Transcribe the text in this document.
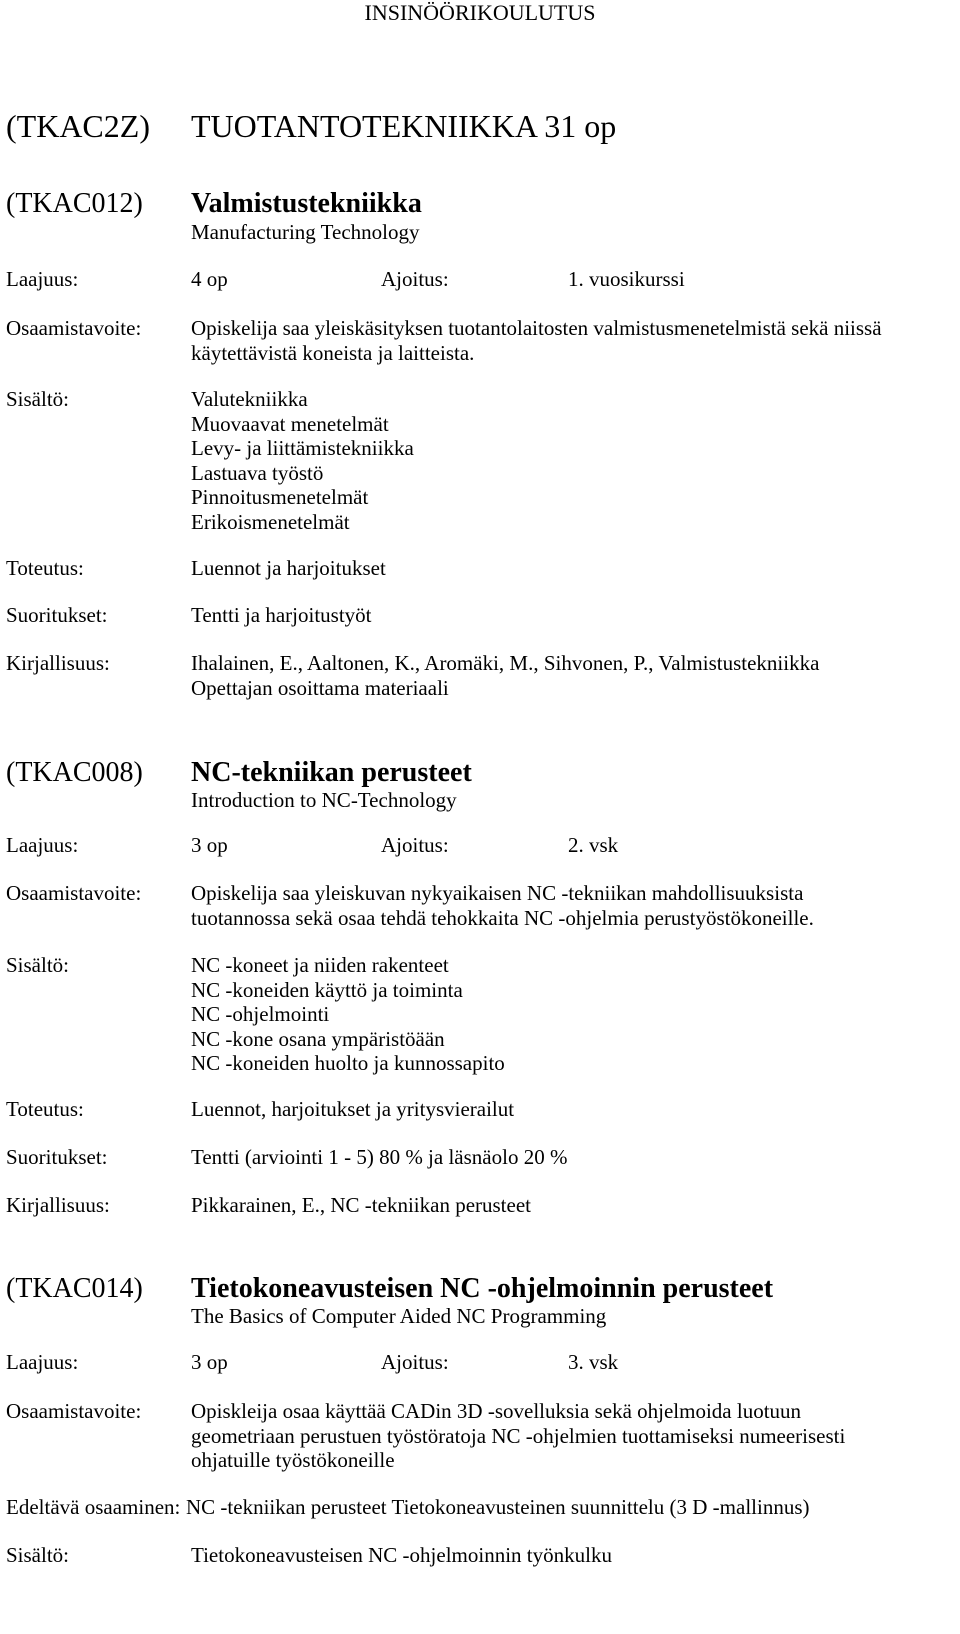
INSINÖÖRIKOULUTUS
(TKAC2Z) TUOTANTOTEKNIIKKA 31 op
(TKAC012) Valmistustekniikka
Manufacturing Technology
Laajuus:	4 op	Ajoitus:	1. vuosikurssi
Osaamistavoite: Opiskelija saa yleiskäsityksen tuotantolaitosten valmistusmenetelmistä sekä niissä
käytettävistä koneista ja laitteista.
Sisältö:	Valutekniikka
Muovaavat menetelmät
Levy- ja liittämistekniikka
Lastuava työstö
Pinnoitusmenetelmät
Erikoismenetelmät
Toteutus:	Luennot ja harjoitukset
Suoritukset:	Tentti ja harjoitustyöt
Kirjallisuus:	Ihalainen, E., Aaltonen, K., Aromäki, M., Sihvonen, P., Valmistustekniikka
Opettajan osoittama materiaali
(TKAC008) NC-tekniikan perusteet
Introduction to NC-Technology
Laajuus:	3 op	Ajoitus:	2. vsk
Osaamistavoite: Opiskelija saa yleiskuvan nykyaikaisen NC -tekniikan mahdollisuuksista
tuotannossa sekä osaa tehdä tehokkaita NC -ohjelmia perustyöstökoneille.
Sisältö:	NC -koneet ja niiden rakenteet
NC -koneiden käyttö ja toiminta
NC -ohjelmointi
NC -kone osana ympäristöään
NC -koneiden huolto ja kunnossapito
Toteutus:	Luennot, harjoitukset ja yritysvierailut
Suoritukset:	Tentti (arviointi 1 - 5) 80 % ja läsnäolo 20 %
Kirjallisuus:	Pikkarainen, E., NC -tekniikan perusteet
(TKAC014) Tietokoneavusteisen NC -ohjelmoinnin perusteet
The Basics of Computer Aided NC Programming
Laajuus:	3 op	Ajoitus:	3. vsk
Osaamistavoite: Opiskleija osaa käyttää CADin 3D -sovelluksia sekä ohjelmoida luotuun
geometriaan perustuen työstöratoja NC -ohjelmien tuottamiseksi numeerisesti
ohjatuille työstökoneille
Edeltävä osaaminen: NC -tekniikan perusteet Tietokoneavusteinen suunnittelu (3 D -mallinnus)
Sisältö:	Tietokoneavusteisen NC -ohjelmoinnin työnkulku
